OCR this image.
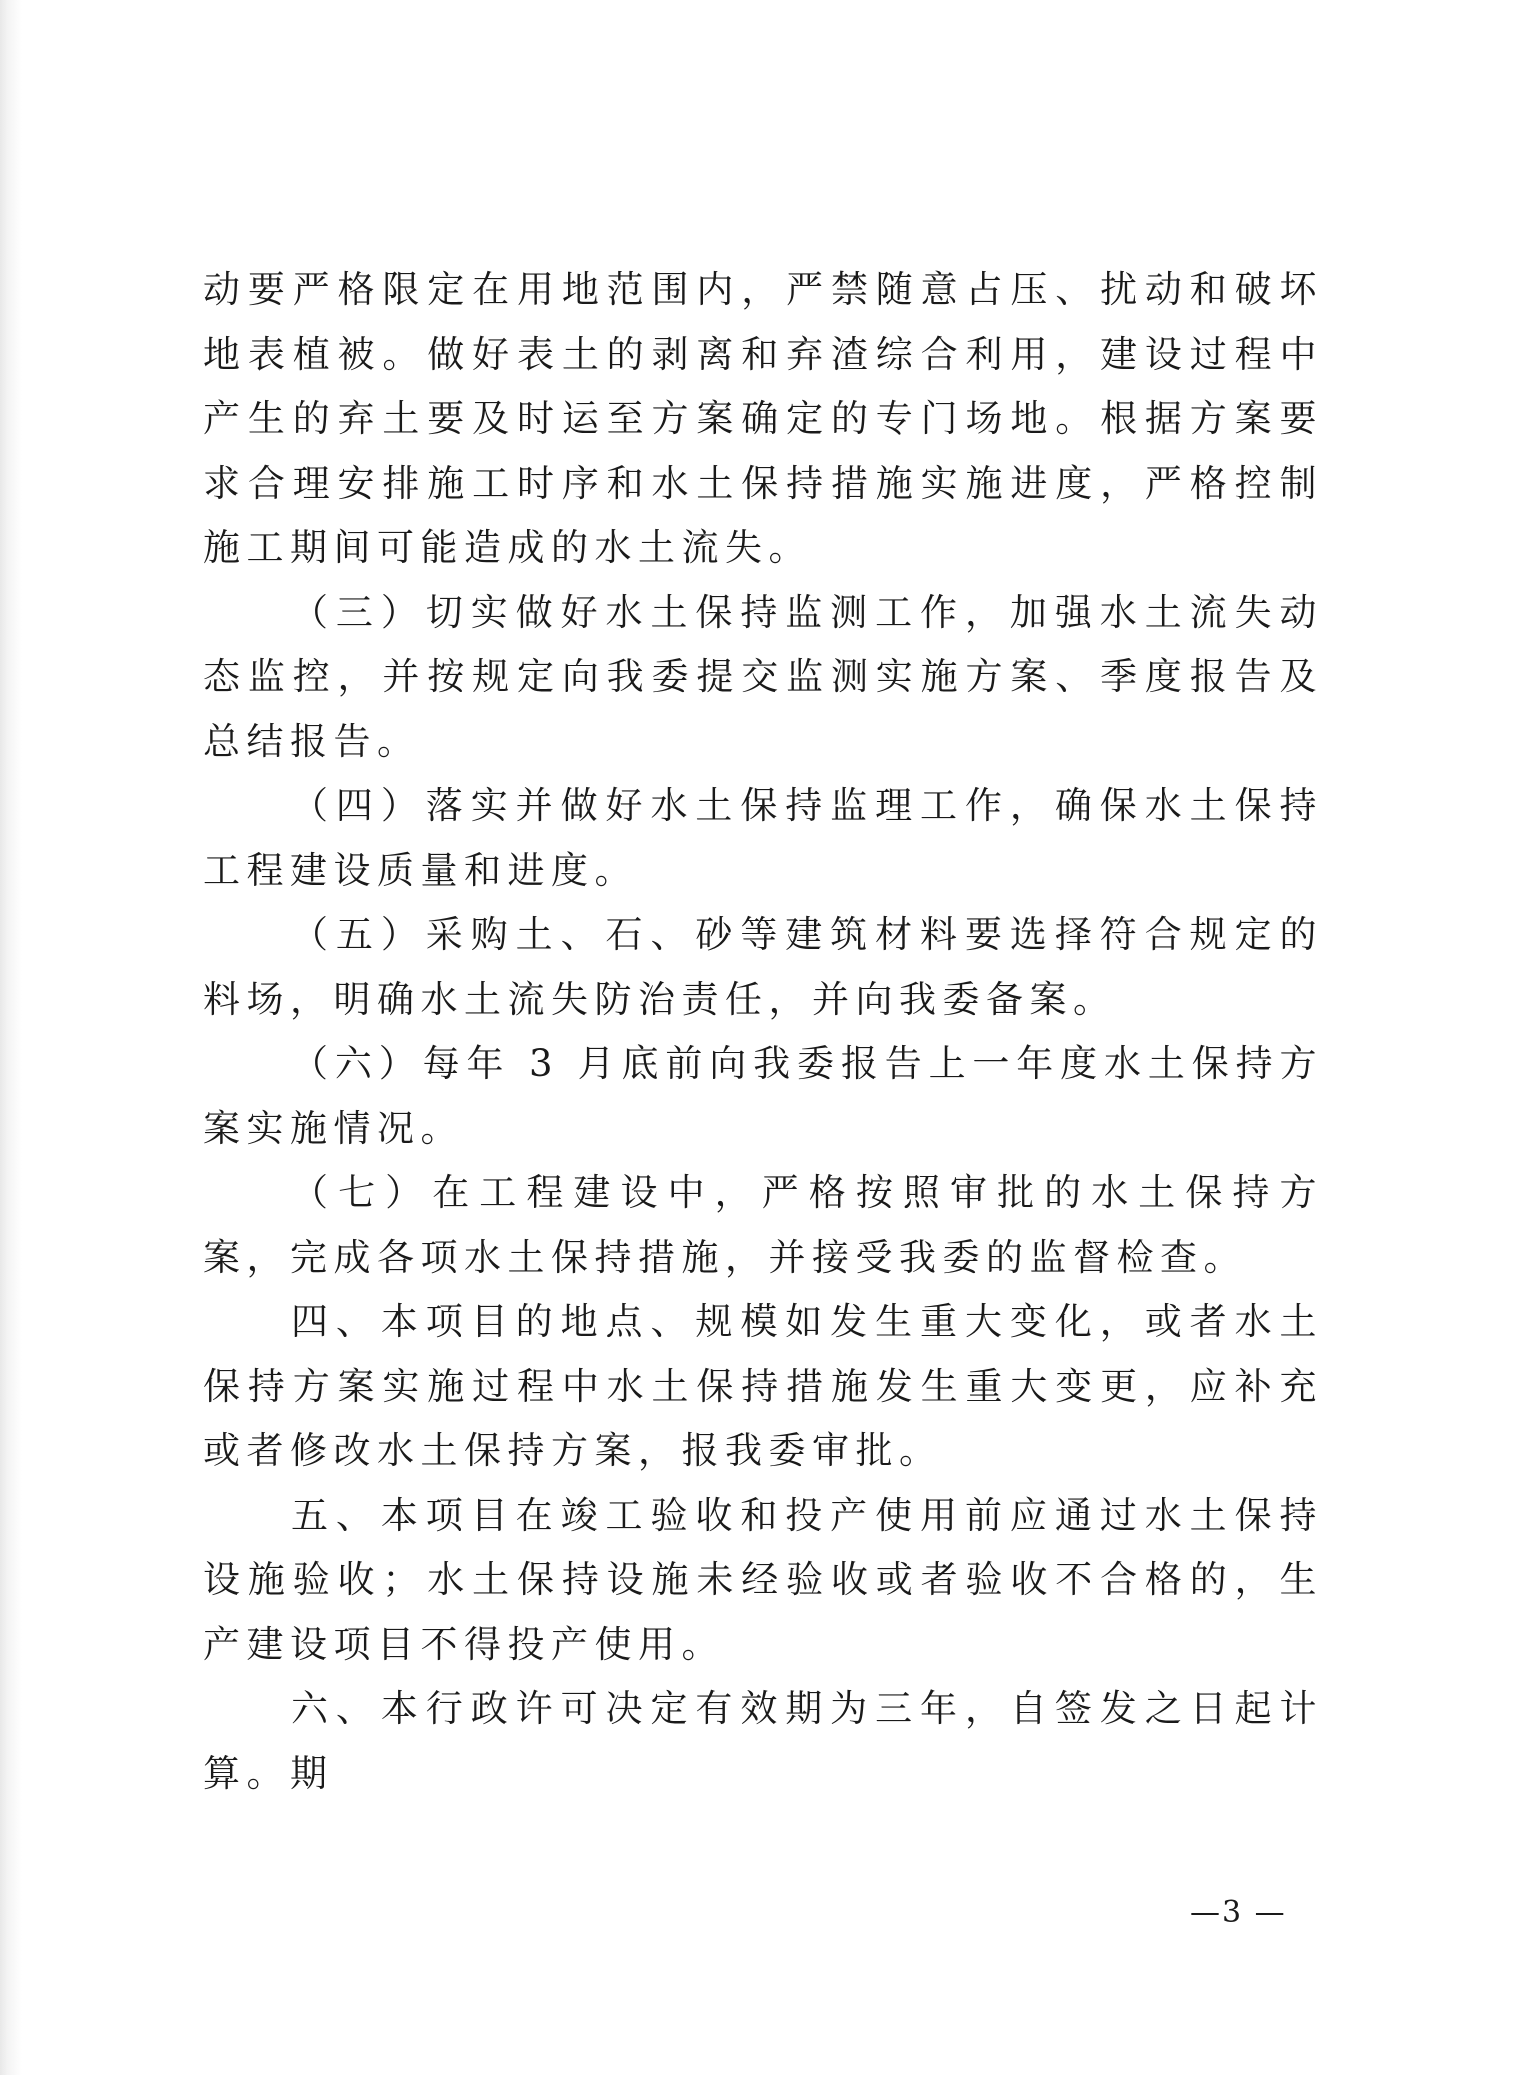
动要严格限定在用地范围内，严禁随意占压、扰动和破坏地表植被。做好表土的剥离和弃渣综合利用，建设过程中产生的弃土要及时运至方案确定的专门场地。根据方案要求合理安排施工时序和水土保持措施实施进度，严格控制施工期间可能造成的水土流失。

（三）切实做好水土保持监测工作，加强水土流失动态监控，并按规定向我委提交监测实施方案、季度报告及总结报告。

（四）落实并做好水土保持监理工作，确保水土保持工程建设质量和进度。

（五）采购土、石、砂等建筑材料要选择符合规定的料场，明确水土流失防治责任，并向我委备案。

（六）每年 3 月底前向我委报告上一年度水土保持方案实施情况。

（七）在工程建设中，严格按照审批的水土保持方案，完成各项水土保持措施，并接受我委的监督检查。

四、本项目的地点、规模如发生重大变化，或者水土保持方案实施过程中水土保持措施发生重大变更，应补充或者修改水土保持方案，报我委审批。

五、本项目在竣工验收和投产使用前应通过水土保持设施验收；水土保持设施未经验收或者验收不合格的，生产建设项目不得投产使用。

六、本行政许可决定有效期为三年，自签发之日起计算。期

—3 —
